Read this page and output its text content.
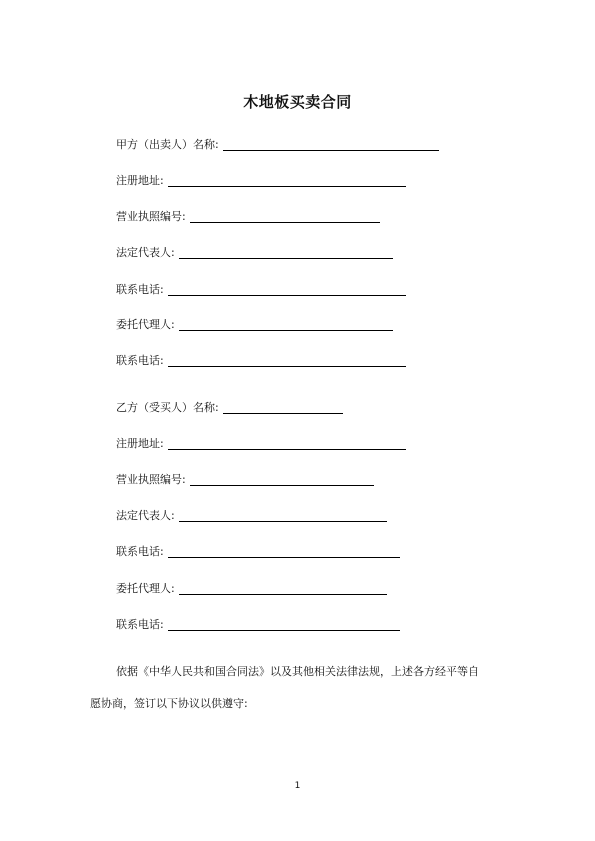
木地板买卖合同
甲方（出卖人）名称:
注册地址:
营业执照编号:
法定代表人:
联系电话:
委托代理人:
联系电话:
乙方（受买人）名称:
注册地址:
营业执照编号:
法定代表人:
联系电话:
委托代理人:
联系电话:
依据《中华人民共和国合同法》以及其他相关法律法规，上述各方经平等自
愿协商，签订以下协议以供遵守:
1
